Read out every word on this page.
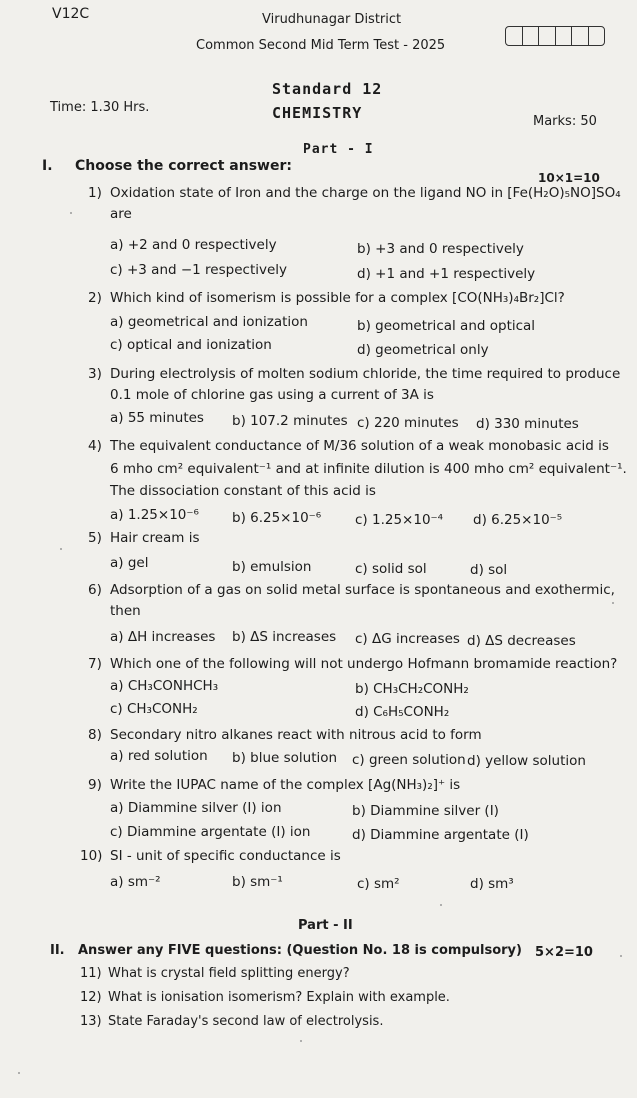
V12C	Virudhunagar District
Common Second Mid Term Test - 2025
Standard 12
Time: 1.30 Hrs.	CHEMISTRY	Marks: 50
Part - I
I. Choose the correct answer:
10×1=10
1) Oxidation state of Iron and the charge on the ligand NO in [Fe(H₂O)₅NO]SO₄
are
a) +2 and 0 respectively	b) +3 and 0 respectively
c) +3 and −1 respectively	d) +1 and +1 respectively
2) Which kind of isomerism is possible for a complex [CO(NH₃)₄Br₂]Cl?
a) geometrical and ionization	b) geometrical and optical
c) optical and ionization	d) geometrical only
3) During electrolysis of molten sodium chloride, the time required to produce
0.1 mole of chlorine gas using a current of 3A is
a) 55 minutes b) 107.2 minutes c) 220 minutes d) 330 minutes
4) The equivalent conductance of M/36 solution of a weak monobasic acid is
6 mho cm² equivalent⁻¹ and at infinite dilution is 400 mho cm² equivalent⁻¹.
The dissociation constant of this acid is
a) 1.25×10⁻⁶ b) 6.25×10⁻⁶	c) 1.25×10⁻⁴ d) 6.25×10⁻⁵
5) Hair cream is
a) gel	b) emulsion	c) solid sol	d) sol
6) Adsorption of a gas on solid metal surface is spontaneous and exothermic,
then
a) ΔH increases b) ΔS increases c) ΔG increases d) ΔS decreases
7) Which one of the following will not undergo Hofmann bromamide reaction?
a) CH₃CONHCH₃	b) CH₃CH₂CONH₂
c) CH₃CONH₂	d) C₆H₅CONH₂
8) Secondary nitro alkanes react with nitrous acid to form
a) red solution b) blue solution c) green solution d) yellow solution
9) Write the IUPAC name of the complex [Ag(NH₃)₂]⁺ is
a) Diammine silver (I) ion	b) Diammine silver (I)
c) Diammine argentate (I) ion	d) Diammine argentate (I)
10) SI - unit of specific conductance is
a) sm⁻²	b) sm⁻¹	c) sm²	d) sm³
Part - II
II. Answer any FIVE questions: (Question No. 18 is compulsory) 5×2=10
11) What is crystal field splitting energy?
12) What is ionisation isomerism? Explain with example.
13) State Faraday's second law of electrolysis.
